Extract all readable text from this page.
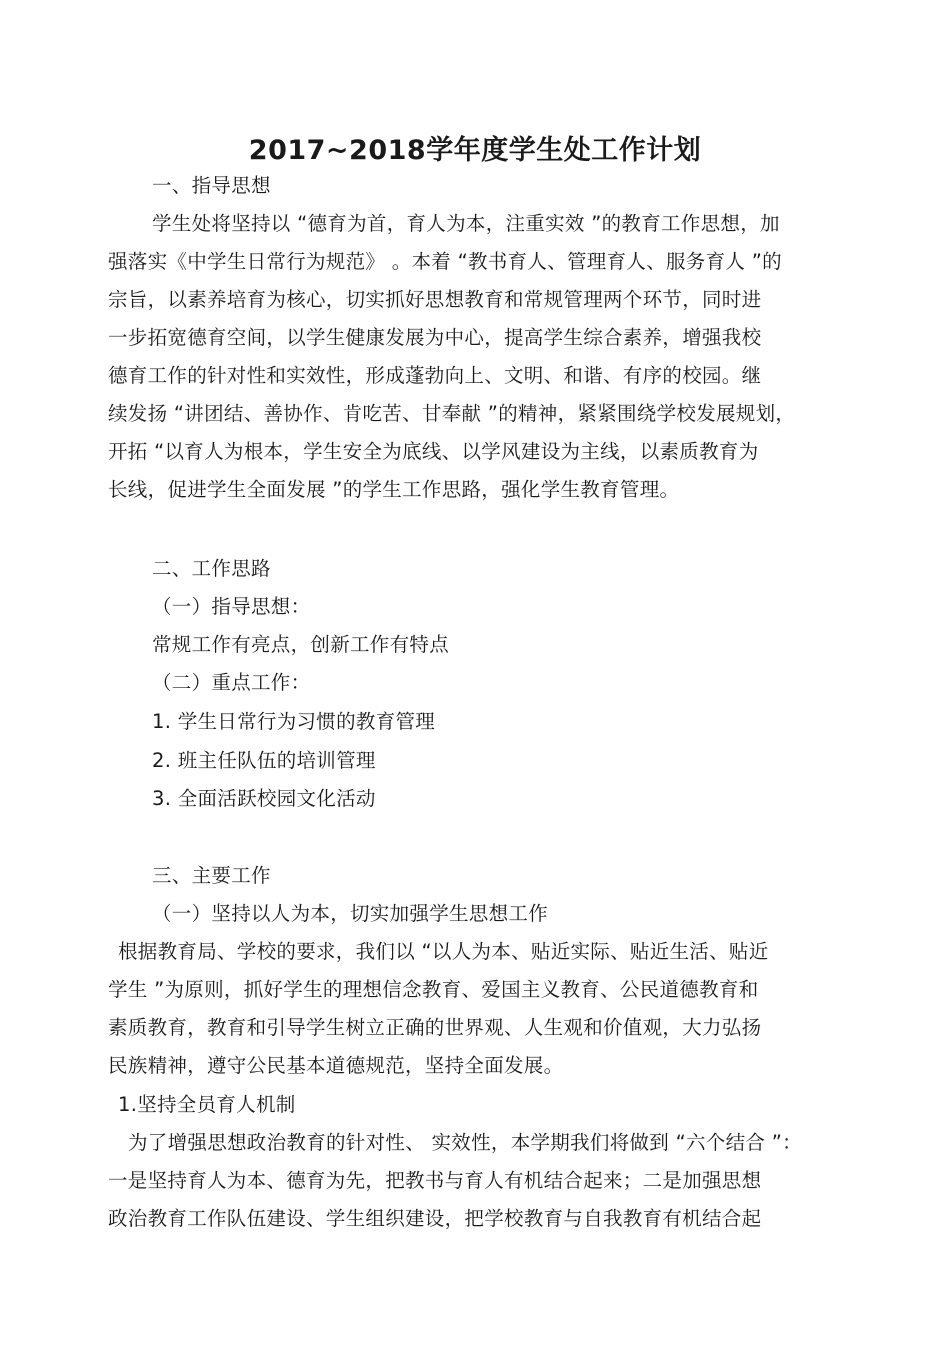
2017~2018学年度学生处工作计划
一、指导思想
学生处将坚持以 “德育为首，育人为本，注重实效 ”的教育工作思想，加
强落实《中学生日常行为规范》 。本着 “教书育人、管理育人、服务育人 ”的
宗旨，以素养培育为核心，切实抓好思想教育和常规管理两个环节，同时进
一步拓宽德育空间，以学生健康发展为中心，提高学生综合素养，增强我校
德育工作的针对性和实效性，形成蓬勃向上、文明、和谐、有序的校园。继
续发扬 “讲团结、善协作、肯吃苦、甘奉献 ”的精神，紧紧围绕学校发展规划，
开拓 “以育人为根本，学生安全为底线、以学风建设为主线，以素质教育为
长线，促进学生全面发展 ”的学生工作思路，强化学生教育管理。
二、工作思路
（一）指导思想：
常规工作有亮点，创新工作有特点
（二）重点工作：
1. 学生日常行为习惯的教育管理
2. 班主任队伍的培训管理
3. 全面活跃校园文化活动
三、主要工作
（一）坚持以人为本，切实加强学生思想工作
根据教育局、学校的要求，我们以 “以人为本、贴近实际、贴近生活、贴近
学生 ”为原则，抓好学生的理想信念教育、爱国主义教育、公民道德教育和
素质教育，教育和引导学生树立正确的世界观、人生观和价值观，大力弘扬
民族精神，遵守公民基本道德规范，坚持全面发展。
1.坚持全员育人机制
为了增强思想政治教育的针对性、 实效性，本学期我们将做到 “六个结合 ”：
一是坚持育人为本、德育为先，把教书与育人有机结合起来；二是加强思想
政治教育工作队伍建设、学生组织建设，把学校教育与自我教育有机结合起
